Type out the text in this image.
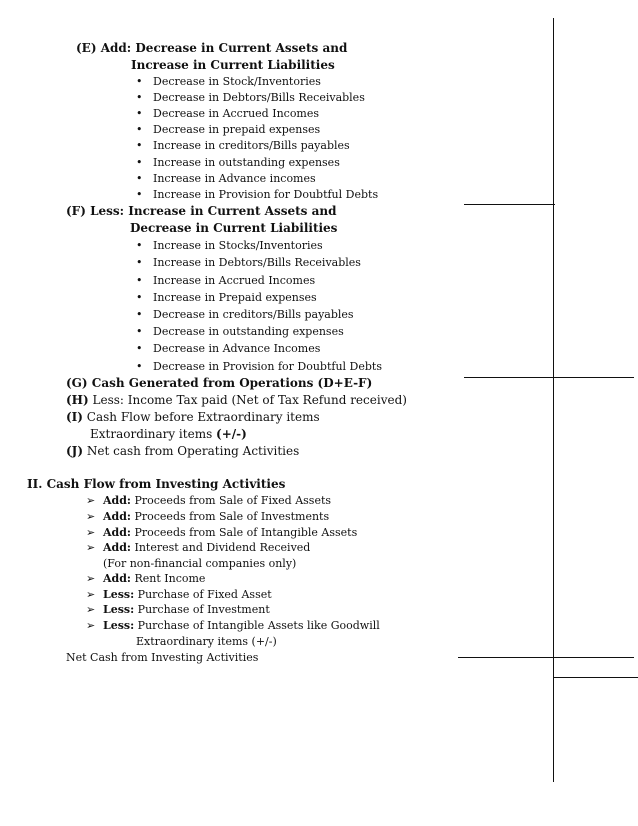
(E) Add: Decrease in Current Assets and
Increase in Current Liabilities
• Decrease in Stock/Inventories
• Decrease in Debtors/Bills Receivables
• Decrease in Accrued Incomes
• Decrease in prepaid expenses
• Increase in creditors/Bills payables
• Increase in outstanding expenses
• Increase in Advance incomes
• Increase in Provision for Doubtful Debts
(F) Less: Increase in Current Assets and
Decrease in Current Liabilities
• Increase in Stocks/Inventories
• Increase in Debtors/Bills Receivables
• Increase in Accrued Incomes
• Increase in Prepaid expenses
• Decrease in creditors/Bills payables
• Decrease in outstanding expenses
• Decrease in Advance Incomes
• Decrease in Provision for Doubtful Debts
(G) Cash Generated from Operations (D+E-F)
(H) Less: Income Tax paid (Net of Tax Refund received)
(I) Cash Flow before Extraordinary items
Extraordinary items (+/-)
(J) Net cash from Operating Activities
II. Cash Flow from Investing Activities
➢ Add: Proceeds from Sale of Fixed Assets
➢ Add: Proceeds from Sale of Investments
➢ Add: Proceeds from Sale of Intangible Assets
➢ Add: Interest and Dividend Received
(For non-financial companies only)
➢ Add: Rent Income
➢ Less: Purchase of Fixed Asset
➢ Less: Purchase of Investment
➢ Less: Purchase of Intangible Assets like Goodwill
Extraordinary items (+/-)
Net Cash from Investing Activities
